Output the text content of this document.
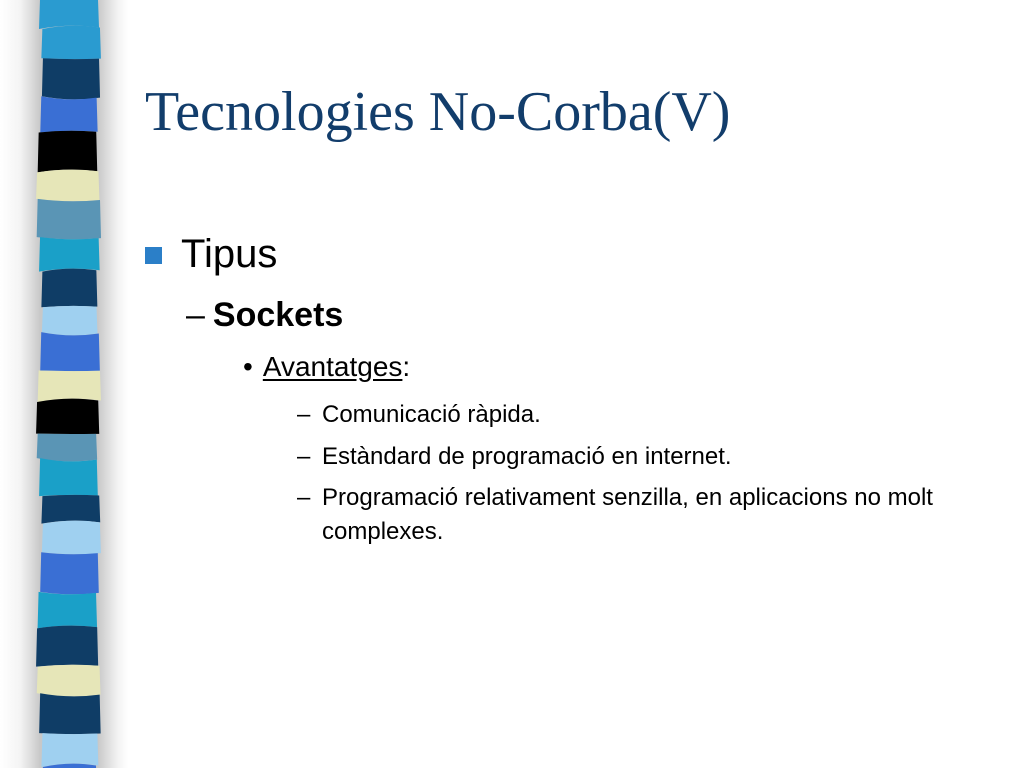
Tecnologies No-Corba(V)
Tipus
– Sockets
• Avantatges:
– Comunicació ràpida.
– Estàndard de programació en internet.
– Programació relativament senzilla, en aplicacions no molt complexes.
